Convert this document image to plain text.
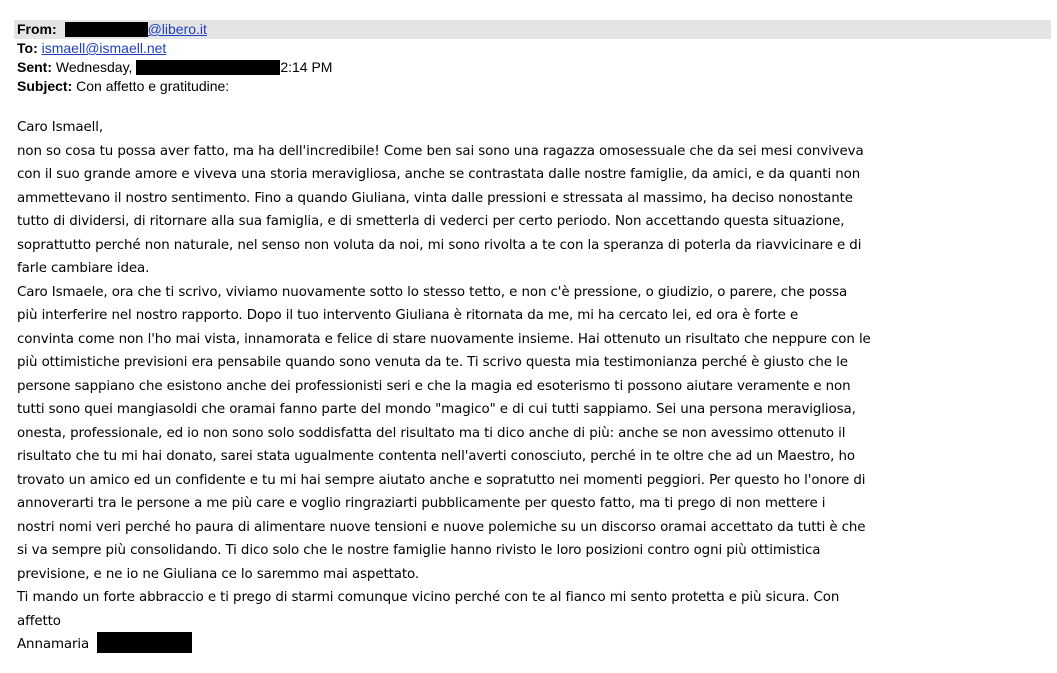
From:	@libero.it
To: ismaell@ismaell.net
Sent: Wednesday,	2:14 PM
Subject: Con affetto e gratitudine:
Caro Ismaell,
non so cosa tu possa aver fatto, ma ha dell'incredibile! Come ben sai sono una ragazza omosessuale che da sei mesi conviveva
con il suo grande amore e viveva una storia meravigliosa, anche se contrastata dalle nostre famiglie, da amici, e da quanti non
ammettevano il nostro sentimento. Fino a quando Giuliana, vinta dalle pressioni e stressata al massimo, ha deciso nonostante
tutto di dividersi, di ritornare alla sua famiglia, e di smetterla di vederci per certo periodo. Non accettando questa situazione,
soprattutto perché non naturale, nel senso non voluta da noi, mi sono rivolta a te con la speranza di poterla da riavvicinare e di
farle cambiare idea.
Caro Ismaele, ora che ti scrivo, viviamo nuovamente sotto lo stesso tetto, e non c'è pressione, o giudizio, o parere, che possa
più interferire nel nostro rapporto. Dopo il tuo intervento Giuliana è ritornata da me, mi ha cercato lei, ed ora è forte e
convinta come non l'ho mai vista, innamorata e felice di stare nuovamente insieme. Hai ottenuto un risultato che neppure con le
più ottimistiche previsioni era pensabile quando sono venuta da te. Ti scrivo questa mia testimonianza perché è giusto che le
persone sappiano che esistono anche dei professionisti seri e che la magia ed esoterismo ti possono aiutare veramente e non
tutti sono quei mangiasoldi che oramai fanno parte del mondo "magico" e di cui tutti sappiamo. Sei una persona meravigliosa,
onesta, professionale, ed io non sono solo soddisfatta del risultato ma ti dico anche di più: anche se non avessimo ottenuto il
risultato che tu mi hai donato, sarei stata ugualmente contenta nell'averti conosciuto, perché in te oltre che ad un Maestro, ho
trovato un amico ed un confidente e tu mi hai sempre aiutato anche e sopratutto nei momenti peggiori. Per questo ho l'onore di
annoverarti tra le persone a me più care e voglio ringraziarti pubblicamente per questo fatto, ma ti prego di non mettere i
nostri nomi veri perché ho paura di alimentare nuove tensioni e nuove polemiche su un discorso oramai accettato da tutti è che
si va sempre più consolidando. Ti dico solo che le nostre famiglie hanno rivisto le loro posizioni contro ogni più ottimistica
previsione, e ne io ne Giuliana ce lo saremmo mai aspettato.
Ti mando un forte abbraccio e ti prego di starmi comunque vicino perché con te al fianco mi sento protetta e più sicura. Con
affetto
Annamaria
